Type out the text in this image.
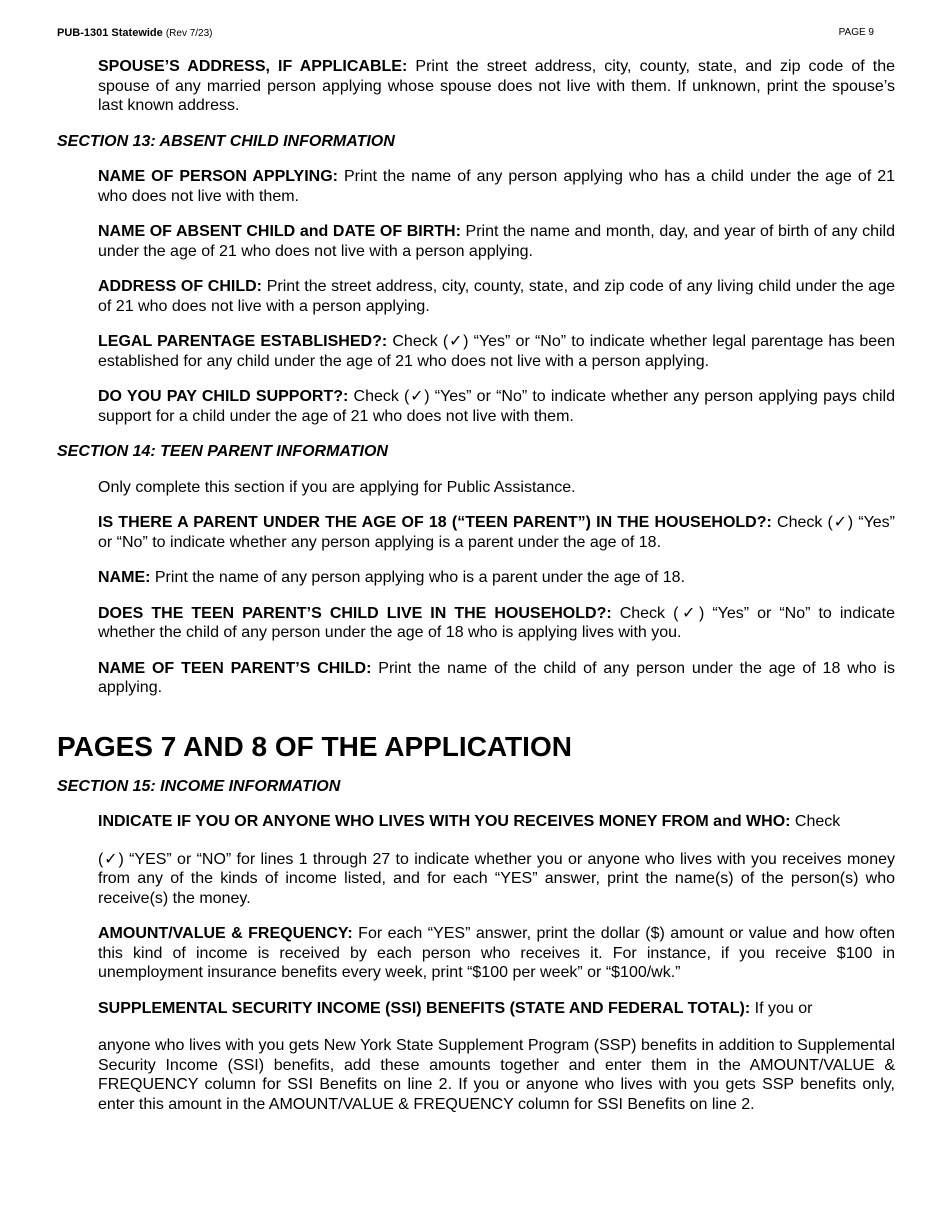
PUB-1301 Statewide (Rev 7/23)	PAGE 9

SPOUSE’S ADDRESS, IF APPLICABLE: Print the street address, city, county, state, and zip code of the spouse of any married person applying whose spouse does not live with them. If unknown, print the spouse’s last known address.

SECTION 13: ABSENT CHILD INFORMATION

NAME OF PERSON APPLYING: Print the name of any person applying who has a child under the age of 21 who does not live with them.

NAME OF ABSENT CHILD and DATE OF BIRTH: Print the name and month, day, and year of birth of any child under the age of 21 who does not live with a person applying.

ADDRESS OF CHILD: Print the street address, city, county, state, and zip code of any living child under the age of 21 who does not live with a person applying.

LEGAL PARENTAGE ESTABLISHED?: Check (✓) “Yes” or “No” to indicate whether legal parentage has been established for any child under the age of 21 who does not live with a person applying.

DO YOU PAY CHILD SUPPORT?: Check (✓) “Yes” or “No” to indicate whether any person applying pays child support for a child under the age of 21 who does not live with them.

SECTION 14: TEEN PARENT INFORMATION

Only complete this section if you are applying for Public Assistance.

IS THERE A PARENT UNDER THE AGE OF 18 (“TEEN PARENT”) IN THE HOUSEHOLD?: Check (✓) “Yes” or “No” to indicate whether any person applying is a parent under the age of 18.

NAME: Print the name of any person applying who is a parent under the age of 18.

DOES THE TEEN PARENT’S CHILD LIVE IN THE HOUSEHOLD?: Check (✓) “Yes” or “No” to indicate whether the child of any person under the age of 18 who is applying lives with you.

NAME OF TEEN PARENT’S CHILD: Print the name of the child of any person under the age of 18 who is applying.

PAGES 7 AND 8 OF THE APPLICATION
SECTION 15: INCOME INFORMATION

INDICATE IF YOU OR ANYONE WHO LIVES WITH YOU RECEIVES MONEY FROM and WHO: Check

(✓) “YES” or “NO” for lines 1 through 27 to indicate whether you or anyone who lives with you receives money from any of the kinds of income listed, and for each “YES” answer, print the name(s) of the person(s) who receive(s) the money.

AMOUNT/VALUE & FREQUENCY: For each “YES” answer, print the dollar ($) amount or value and how often this kind of income is received by each person who receives it. For instance, if you receive $100 in unemployment insurance benefits every week, print “$100 per week” or “$100/wk.”

SUPPLEMENTAL SECURITY INCOME (SSI) BENEFITS (STATE AND FEDERAL TOTAL): If you or

anyone who lives with you gets New York State Supplement Program (SSP) benefits in addition to Supplemental Security Income (SSI) benefits, add these amounts together and enter them in the AMOUNT/VALUE & FREQUENCY column for SSI Benefits on line 2. If you or anyone who lives with you gets SSP benefits only, enter this amount in the AMOUNT/VALUE & FREQUENCY column for SSI Benefits on line 2.
